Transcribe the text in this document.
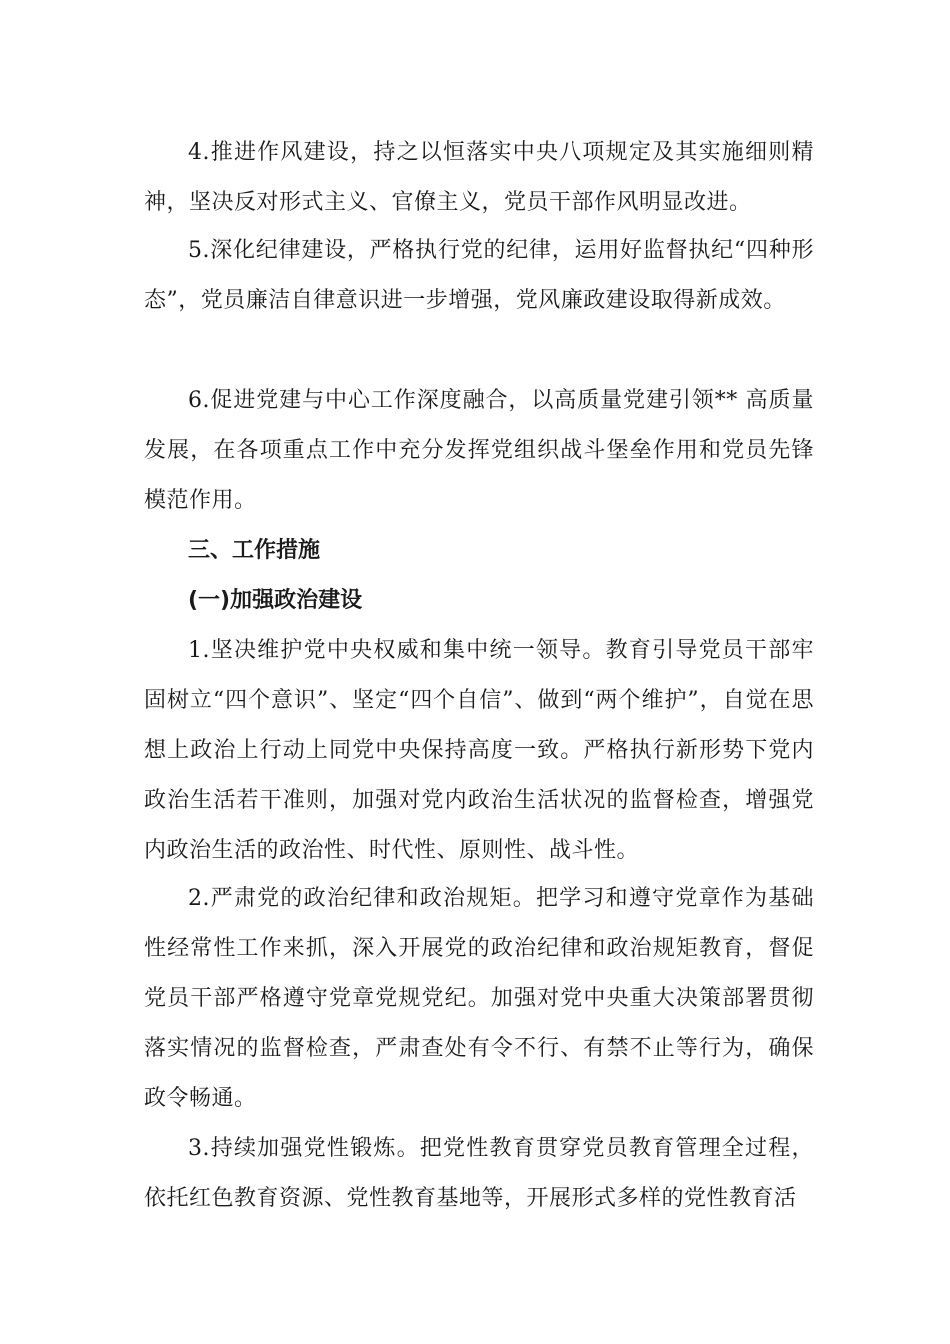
4.推进作风建设，持之以恒落实中央八项规定及其实施细则精神，坚决反对形式主义、官僚主义，党员干部作风明显改进。

5.深化纪律建设，严格执行党的纪律，运用好监督执纪“四种形态”，党员廉洁自律意识进一步增强，党风廉政建设取得新成效。

6.促进党建与中心工作深度融合，以高质量党建引领** 高质量发展，在各项重点工作中充分发挥党组织战斗堡垒作用和党员先锋模范作用。

三、工作措施
(一)加强政治建设

1.坚决维护党中央权威和集中统一领导。教育引导党员干部牢固树立“四个意识”、坚定“四个自信”、做到“两个维护”，自觉在思想上政治上行动上同党中央保持高度一致。严格执行新形势下党内政治生活若干准则，加强对党内政治生活状况的监督检查，增强党内政治生活的政治性、时代性、原则性、战斗性。

2.严肃党的政治纪律和政治规矩。把学习和遵守党章作为基础性经常性工作来抓，深入开展党的政治纪律和政治规矩教育，督促党员干部严格遵守党章党规党纪。加强对党中央重大决策部署贯彻落实情况的监督检查，严肃查处有令不行、有禁不止等行为，确保政令畅通。

3.持续加强党性锻炼。把党性教育贯穿党员教育管理全过程，依托红色教育资源、党性教育基地等，开展形式多样的党性教育活
